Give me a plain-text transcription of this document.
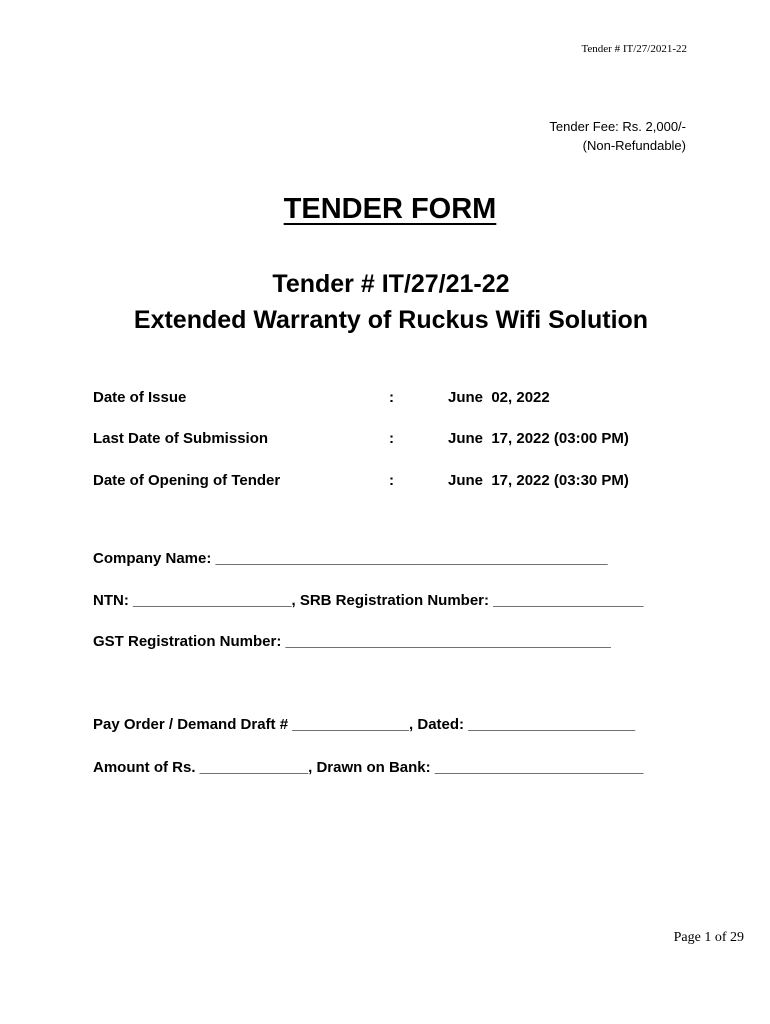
Tender # IT/27/2021-22
Tender Fee: Rs. 2,000/-
(Non-Refundable)
TENDER FORM
Tender # IT/27/21-22
Extended Warranty of Ruckus Wifi Solution
Date of Issue	:	June  02, 2022
Last Date of Submission	:	June  17, 2022 (03:00 PM)
Date of Opening of Tender	:	June  17, 2022 (03:30 PM)
Company Name: _______________________________________________
NTN: ___________________, SRB Registration Number: __________________
GST Registration Number: _______________________________________
Pay Order / Demand Draft # ______________, Dated: ____________________
Amount of Rs. _____________, Drawn on Bank: _________________________
Page 1 of 29
